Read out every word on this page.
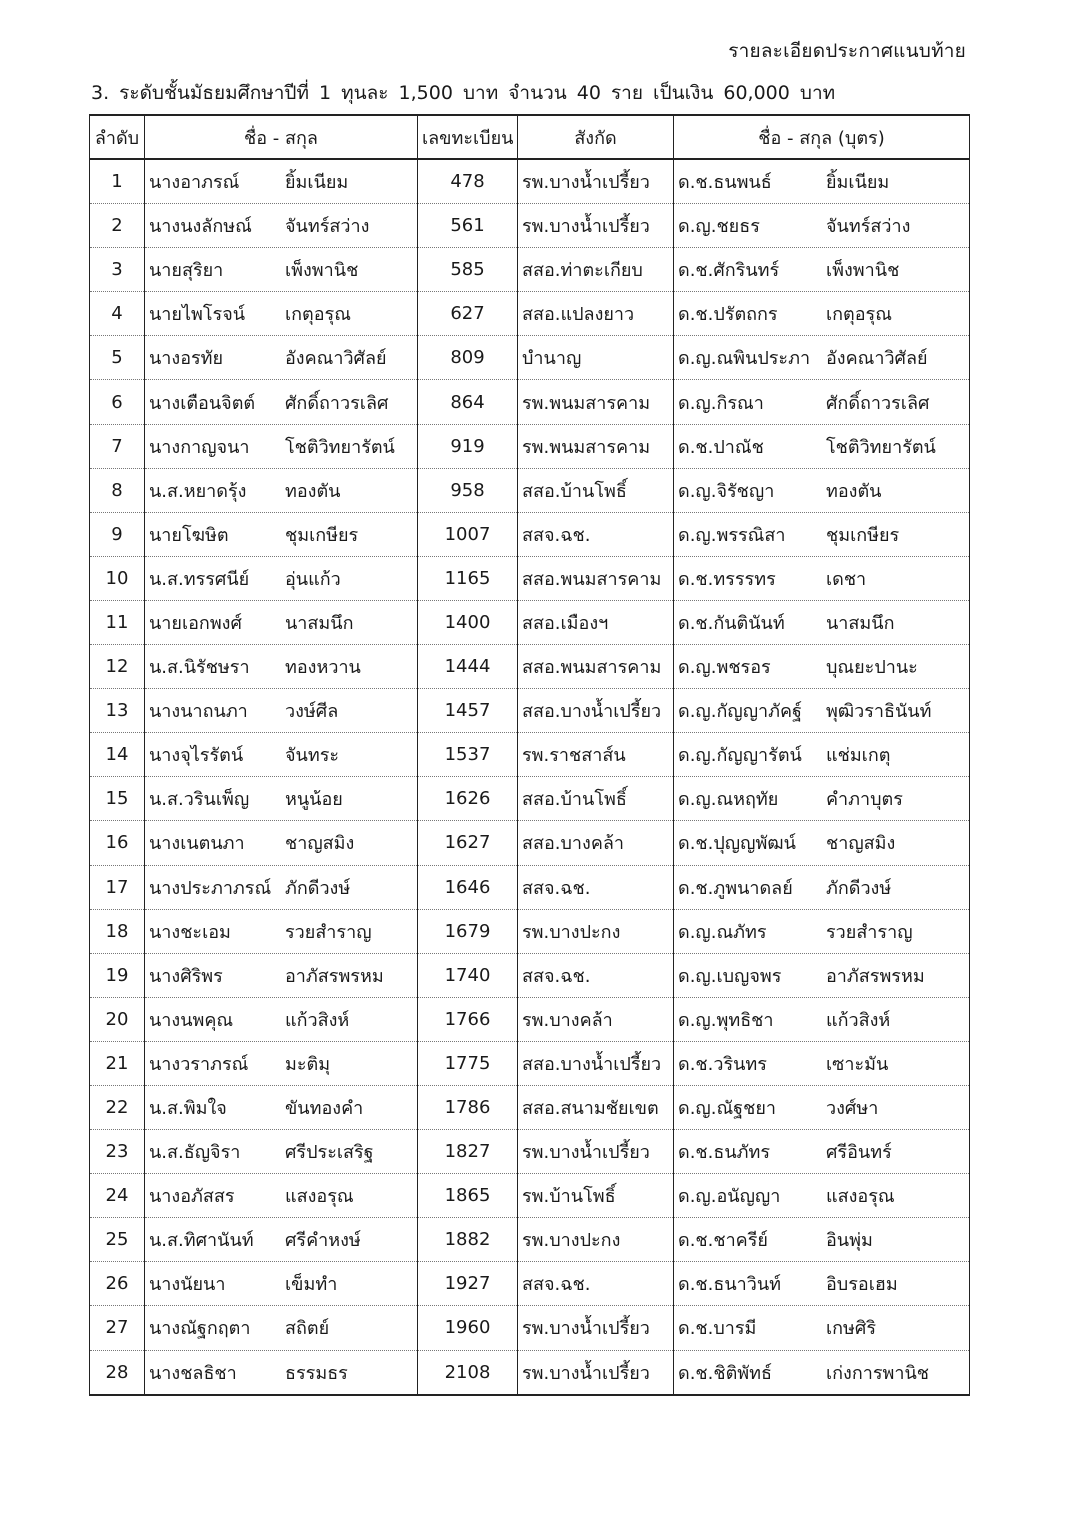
รายละเอียดประกาศแนบท้าย
3. ระดับชั้นมัธยมศึกษาปีที่ 1 ทุนละ 1,500 บาท จำนวน 40 ราย เป็นเงิน 60,000 บาท
ลำดับ	ชื่อ - สกุล	เลขทะเบียน	สังกัด	ชื่อ - สกุล (บุตร)
1	นางอาภรณ์ ยิ้มเนียม	478	รพ.บางน้ำเปรี้ยว	ด.ช.ธนพนธ์ ยิ้มเนียม
2	นางนงลักษณ์ จันทร์สว่าง	561	รพ.บางน้ำเปรี้ยว	ด.ญ.ชยธร จันทร์สว่าง
3	นายสุริยา เพ็งพานิช	585	สสอ.ท่าตะเกียบ	ด.ช.ศักรินทร์ เพ็งพานิช
4	นายไพโรจน์ เกตุอรุณ	627	สสอ.แปลงยาว	ด.ช.ปรัตถกร เกตุอรุณ
5	นางอรทัย อังคณาวิศัลย์	809	บำนาญ	ด.ญ.ณพินประภา อังคณาวิศัลย์
6	นางเตือนจิตต์ ศักดิ์ถาวรเลิศ	864	รพ.พนมสารคาม	ด.ญ.กิรณา ศักดิ์ถาวรเลิศ
7	นางกาญจนา โชติวิทยารัตน์	919	รพ.พนมสารคาม	ด.ช.ปาณัช โชติวิทยารัตน์
8	น.ส.หยาดรุ้ง ทองตัน	958	สสอ.บ้านโพธิ์	ด.ญ.จิรัชญา ทองตัน
9	นายโฆษิต ชุมเกษียร	1007	สสจ.ฉช.	ด.ญ.พรรณิสา ชุมเกษียร
10	น.ส.ทรรศนีย์ อุ่นแก้ว	1165	สสอ.พนมสารคาม	ด.ช.ทรรรทร เดชา
11	นายเอกพงศ์ นาสมนึก	1400	สสอ.เมืองฯ	ด.ช.กันตินันท์ นาสมนึก
12	น.ส.นิรัชษรา ทองหวาน	1444	สสอ.พนมสารคาม	ด.ญ.พชรอร บุณยะปานะ
13	นางนาถนภา วงษ์ศีล	1457	สสอ.บางน้ำเปรี้ยว	ด.ญ.กัญญาภัคฐ์ พุฒิวราธินันท์
14	นางจุไรรัตน์ จันทระ	1537	รพ.ราชสาส์น	ด.ญ.กัญญารัตน์ แช่มเกตุ
15	น.ส.วรินเพ็ญ หนูน้อย	1626	สสอ.บ้านโพธิ์	ด.ญ.ณหฤทัย คำภาบุตร
16	นางเนตนภา ชาญสมิง	1627	สสอ.บางคล้า	ด.ช.ปุญญพัฒน์ ชาญสมิง
17	นางประภาภรณ์ ภักดีวงษ์	1646	สสจ.ฉช.	ด.ช.ภูพนาดลย์ ภักดีวงษ์
18	นางชะเอม รวยสำราญ	1679	รพ.บางปะกง	ด.ญ.ณภัทร รวยสำราญ
19	นางศิริพร อาภัสรพรหม	1740	สสจ.ฉช.	ด.ญ.เบญจพร อาภัสรพรหม
20	นางนพคุณ แก้วสิงห์	1766	รพ.บางคล้า	ด.ญ.พุทธิชา แก้วสิงห์
21	นางวราภรณ์ มะติมุ	1775	สสอ.บางน้ำเปรี้ยว	ด.ช.วรินทร เซาะมัน
22	น.ส.พิมใจ ขันทองคำ	1786	สสอ.สนามชัยเขต	ด.ญ.ณัฐชยา วงศ์ษา
23	น.ส.ธัญจิรา ศรีประเสริฐ	1827	รพ.บางน้ำเปรี้ยว	ด.ช.ธนภัทร ศรีอินทร์
24	นางอภัสสร แสงอรุณ	1865	รพ.บ้านโพธิ์	ด.ญ.อนัญญา แสงอรุณ
25	น.ส.ทิศานันท์ ศรีคำหงษ์	1882	รพ.บางปะกง	ด.ช.ชาครีย์ อินพุ่ม
26	นางนัยนา เข็มทำ	1927	สสจ.ฉช.	ด.ช.ธนาวินท์ อิบรอเฮม
27	นางณัฐกฤตา สถิตย์	1960	รพ.บางน้ำเปรี้ยว	ด.ช.บารมี เกษศิริ
28	นางชลธิชา ธรรมธร	2108	รพ.บางน้ำเปรี้ยว	ด.ช.ชิติพัทธ์ เก่งการพานิช
